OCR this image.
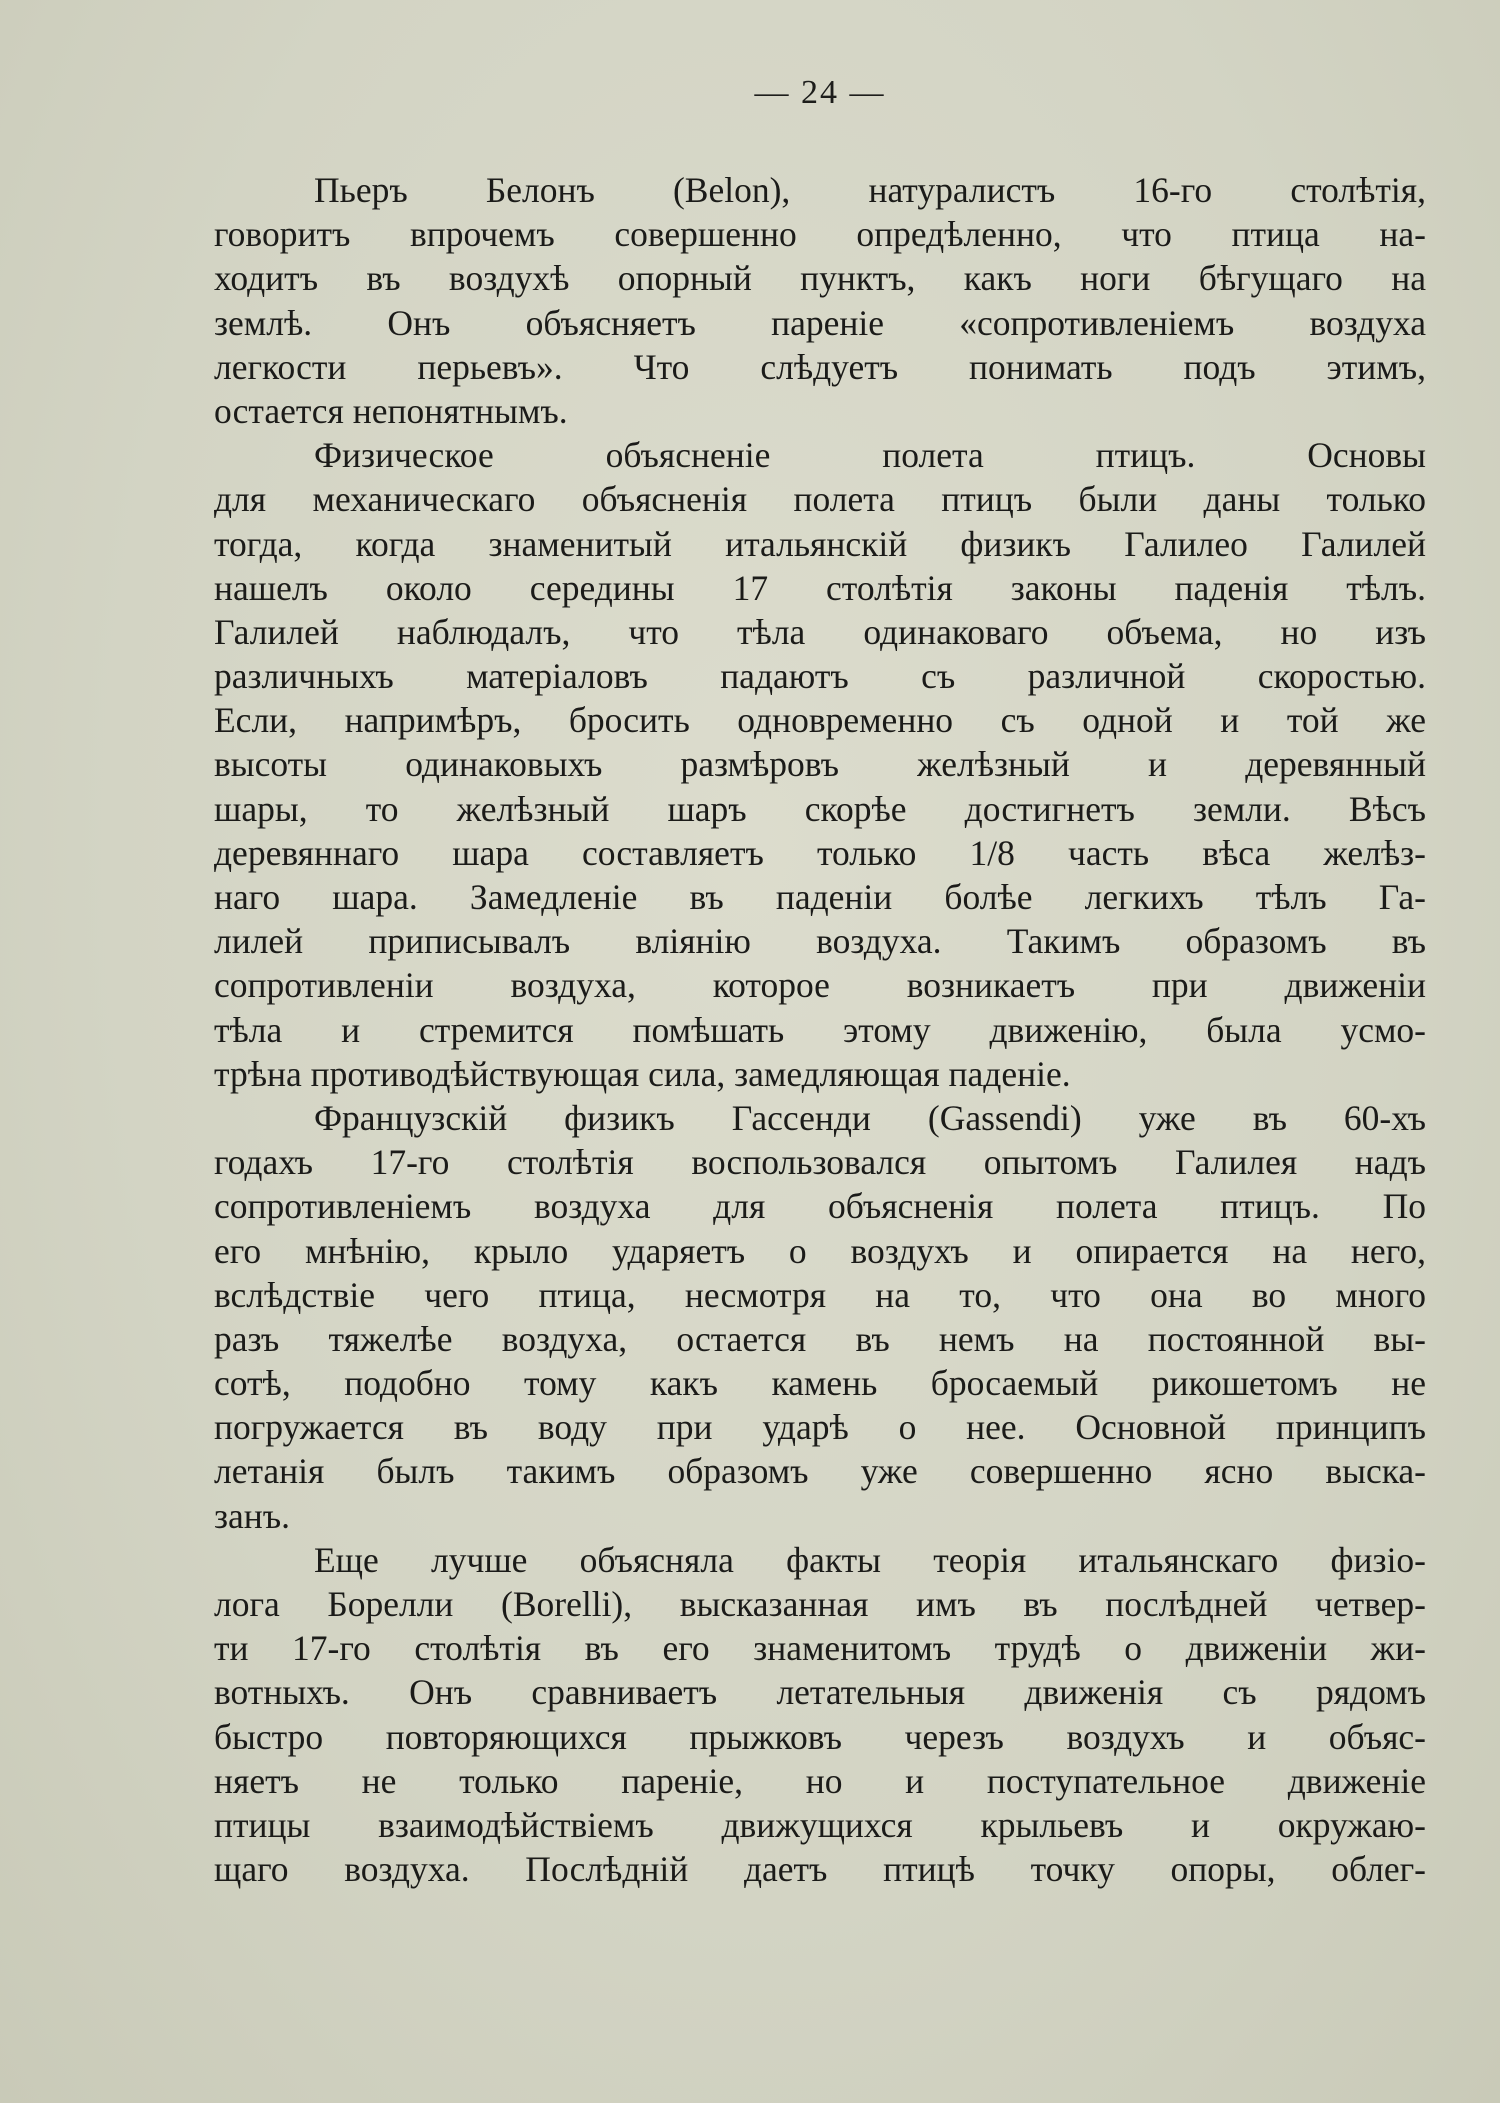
— 24 —
Пьеръ Белонъ (Belon), натуралистъ 16-го столѣтія,
говоритъ впрочемъ совершенно опредѣленно, что птица на-
ходитъ въ воздухѣ опорный пунктъ, какъ ноги бѣгущаго на
землѣ. Онъ объясняетъ пареніе «сопротивленіемъ воздуха
легкости перьевъ». Что слѣдуетъ понимать подъ этимъ,
остается непонятнымъ.
Физическое объясненіе полета птицъ. Основы
для механическаго объясненія полета птицъ были даны только
тогда, когда знаменитый итальянскій физикъ Галилео Галилей
нашелъ около середины 17 столѣтія законы паденія тѣлъ.
Галилей наблюдалъ, что тѣла одинаковаго объема, но изъ
различныхъ матеріаловъ падаютъ съ различной скоростью.
Если, напримѣръ, бросить одновременно съ одной и той же
высоты одинаковыхъ размѣровъ желѣзный и деревянный
шары, то желѣзный шаръ скорѣе достигнетъ земли. Вѣсъ
деревяннаго шара составляетъ только 1/8 часть вѣса желѣз-
наго шара. Замедленіе въ паденіи болѣе легкихъ тѣлъ Га-
лилей приписывалъ вліянію воздуха. Такимъ образомъ въ
сопротивленіи воздуха, которое возникаетъ при движеніи
тѣла и стремится помѣшать этому движенію, была усмо-
трѣна противодѣйствующая сила, замедляющая паденіе.
Французскій физикъ Гассенди (Gassendi) уже въ 60-хъ
годахъ 17-го столѣтія воспользовался опытомъ Галилея надъ
сопротивленіемъ воздуха для объясненія полета птицъ. По
его мнѣнію, крыло ударяетъ о воздухъ и опирается на него,
вслѣдствіе чего птица, несмотря на то, что она во много
разъ тяжелѣе воздуха, остается въ немъ на постоянной вы-
сотѣ, подобно тому какъ камень бросаемый рикошетомъ не
погружается въ воду при ударѣ о нее. Основной принципъ
летанія былъ такимъ образомъ уже совершенно ясно выска-
занъ.
Еще лучше объясняла факты теорія итальянскаго физіо-
лога Борелли (Borelli), высказанная имъ въ послѣдней четвер-
ти 17-го столѣтія въ его знаменитомъ трудѣ о движеніи жи-
вотныхъ. Онъ сравниваетъ летательныя движенія съ рядомъ
быстро повторяющихся прыжковъ черезъ воздухъ и объяс-
няетъ не только пареніе, но и поступательное движеніе
птицы взаимодѣйствіемъ движущихся крыльевъ и окружаю-
щаго воздуха. Послѣдній даетъ птицѣ точку опоры, облег-
